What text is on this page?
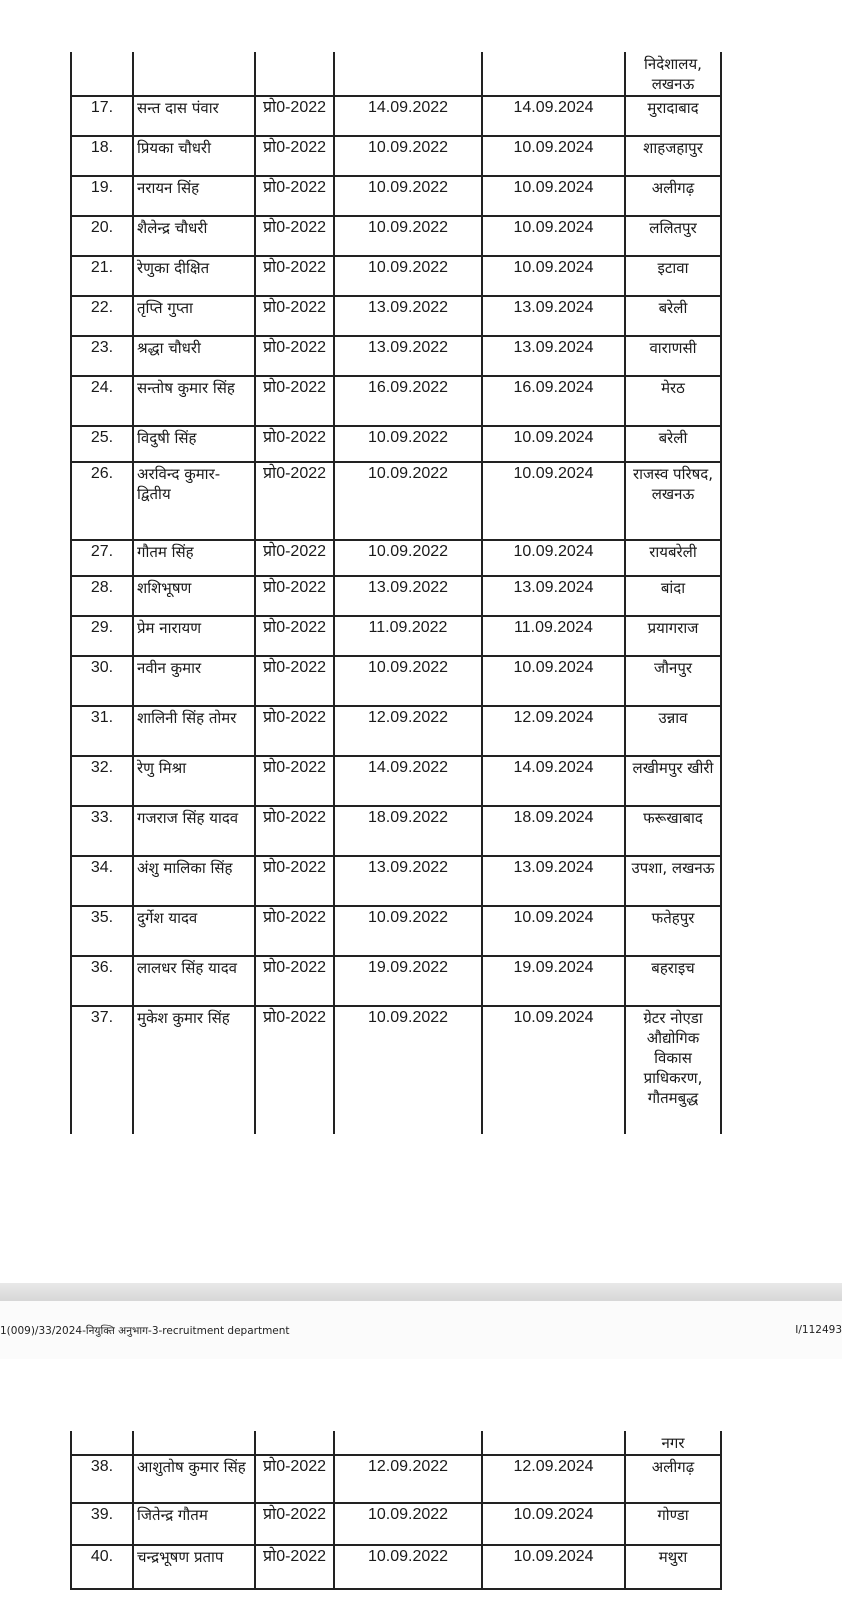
					निदेशालय, लखनऊ
17.	सन्त दास पंवार	प्रो0-2022	14.09.2022	14.09.2024	मुरादाबाद
18.	प्रियका चौधरी	प्रो0-2022	10.09.2022	10.09.2024	शाहजहापुर
19.	नरायन सिंह	प्रो0-2022	10.09.2022	10.09.2024	अलीगढ़
20.	शैलेन्द्र चौधरी	प्रो0-2022	10.09.2022	10.09.2024	ललितपुर
21.	रेणुका दीक्षित	प्रो0-2022	10.09.2022	10.09.2024	इटावा
22.	तृप्ति गुप्ता	प्रो0-2022	13.09.2022	13.09.2024	बरेली
23.	श्रद्धा चौधरी	प्रो0-2022	13.09.2022	13.09.2024	वाराणसी
24.	सन्तोष कुमार सिंह	प्रो0-2022	16.09.2022	16.09.2024	मेरठ
25.	विदुषी सिंह	प्रो0-2022	10.09.2022	10.09.2024	बरेली
26.	अरविन्द कुमार-द्वितीय	प्रो0-2022	10.09.2022	10.09.2024	राजस्व परिषद, लखनऊ
27.	गौतम सिंह	प्रो0-2022	10.09.2022	10.09.2024	रायबरेली
28.	शशिभूषण	प्रो0-2022	13.09.2022	13.09.2024	बांदा
29.	प्रेम नारायण	प्रो0-2022	11.09.2022	11.09.2024	प्रयागराज
30.	नवीन कुमार	प्रो0-2022	10.09.2022	10.09.2024	जौनपुर
31.	शालिनी सिंह तोमर	प्रो0-2022	12.09.2022	12.09.2024	उन्नाव
32.	रेणु मिश्रा	प्रो0-2022	14.09.2022	14.09.2024	लखीमपुर खीरी
33.	गजराज सिंह यादव	प्रो0-2022	18.09.2022	18.09.2024	फरूखाबाद
34.	अंशु मालिका सिंह	प्रो0-2022	13.09.2022	13.09.2024	उपशा, लखनऊ
35.	दुर्गेश यादव	प्रो0-2022	10.09.2022	10.09.2024	फतेहपुर
36.	लालधर सिंह यादव	प्रो0-2022	19.09.2022	19.09.2024	बहराइच
37.	मुकेश कुमार सिंह	प्रो0-2022	10.09.2022	10.09.2024	ग्रेटर नोएडा औद्योगिक विकास प्राधिकरण, गौतमबुद्ध
1(009)/33/2024-नियुक्ति अनुभाग-3-recruitment department	I/112493
					नगर
38.	आशुतोष कुमार सिंह	प्रो0-2022	12.09.2022	12.09.2024	अलीगढ़
39.	जितेन्द्र गौतम	प्रो0-2022	10.09.2022	10.09.2024	गोण्डा
40.	चन्द्रभूषण प्रताप	प्रो0-2022	10.09.2022	10.09.2024	मथुरा
